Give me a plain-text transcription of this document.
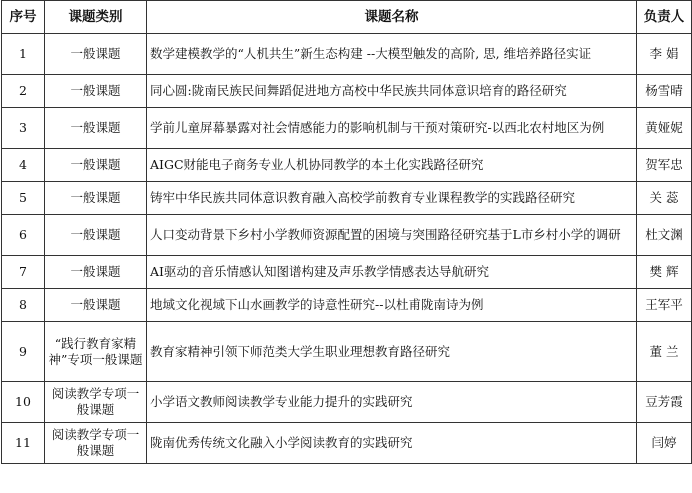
序号	课题类别	课题名称	负责人
1	一般课题	数学建模教学的“人机共生”新生态构建 --大模型触发的高阶, 思, 维培养路径实证	李 娟
2	一般课题	同心圆:陇南民族民间舞蹈促进地方高校中华民族共同体意识培育的路径研究	杨雪晴
3	一般课题	学前儿童屏幕暴露对社会情感能力的影响机制与干预对策研究-以西北农村地区为例	黄娅妮
4	一般课题	AIGC财能电子商务专业人机协同教学的本土化实践路径研究	贺军忠
5	一般课题	铸牢中华民族共同体意识教育融入高校学前教育专业课程教学的实践路径研究	关 蕊
6	一般课题	人口变动背景下乡村小学教师资源配置的困境与突围路径研究基于L市乡村小学的调研	杜文渊
7	一般课题	AI驱动的音乐情感认知图谱构建及声乐教学情感表达导航研究	樊 辉
8	一般课题	地域文化视域下山水画教学的诗意性研究--以杜甫陇南诗为例	王军平
9	“践行教育家精神”专项一般课题	教育家精神引领下师范类大学生职业理想教育路径研究	董 兰
10	阅读教学专项一般课题	小学语文教师阅读教学专业能力提升的实践研究	豆芳霞
11	阅读教学专项一般课题	陇南优秀传统文化融入小学阅读教育的实践研究	闫婷
